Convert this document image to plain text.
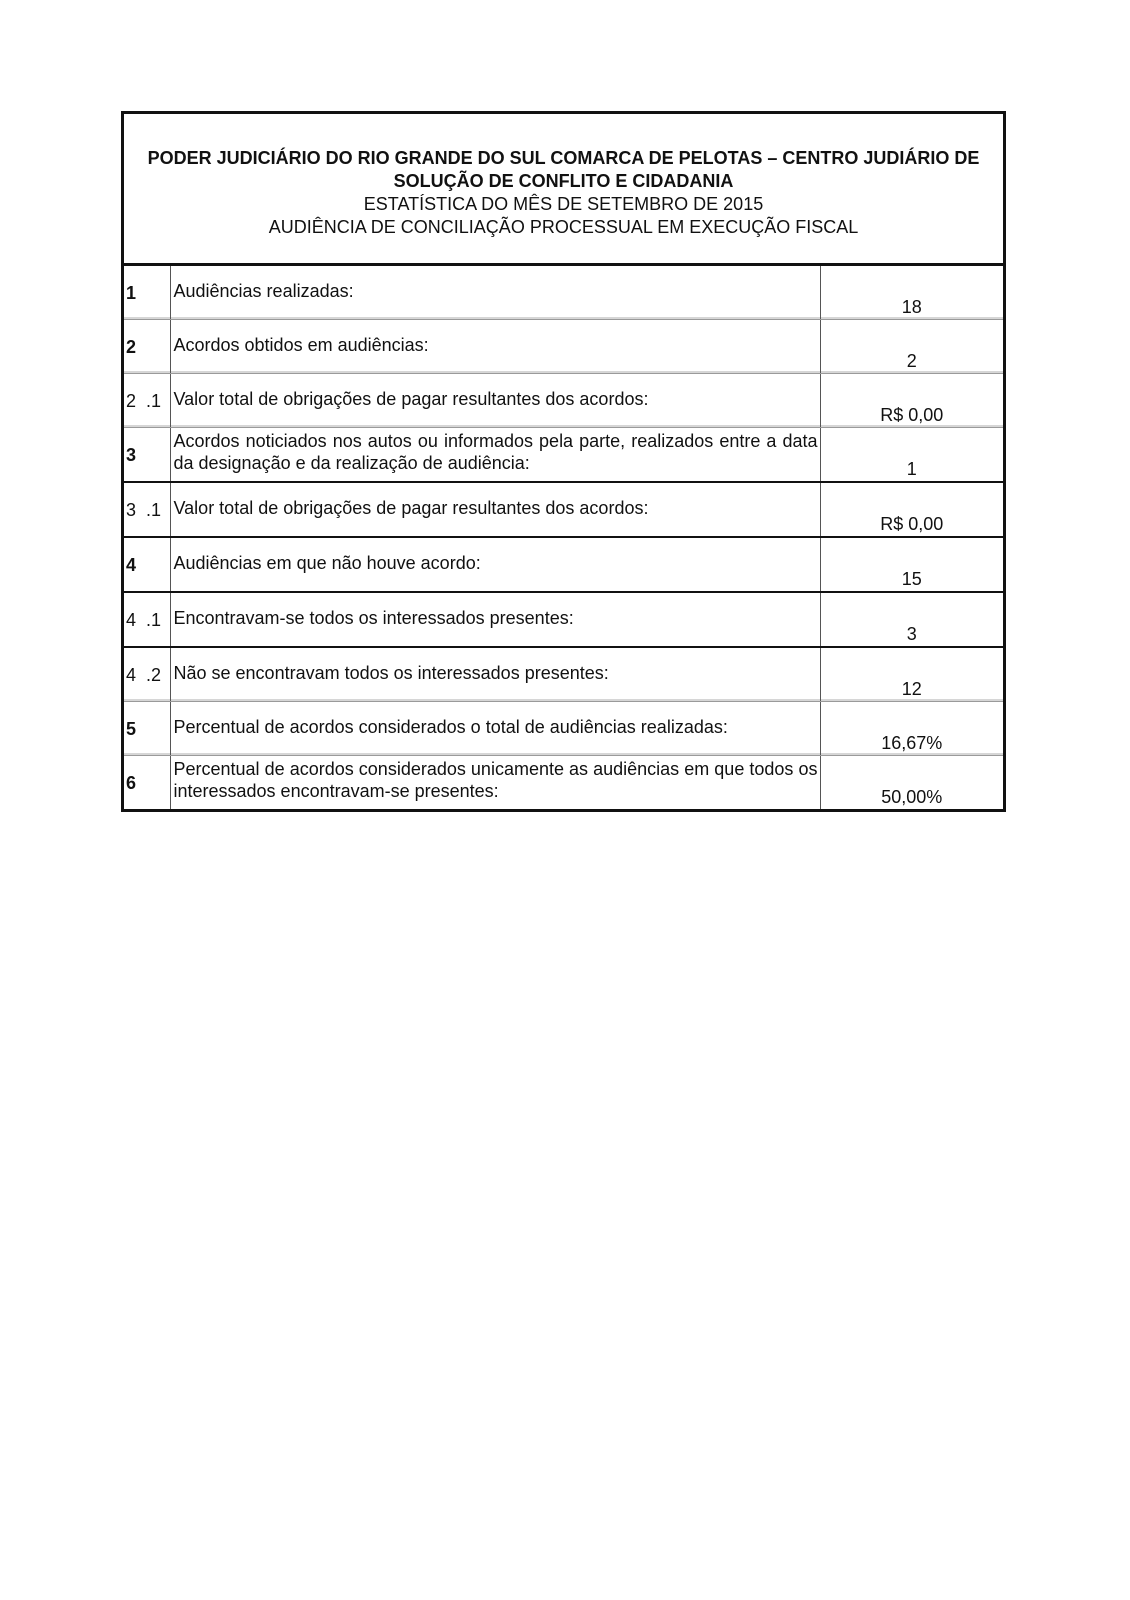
PODER JUDICIÁRIO DO RIO GRANDE DO SUL COMARCA DE PELOTAS – CENTRO JUDIÁRIO DE SOLUÇÃO DE CONFLITO E CIDADANIA
ESTATÍSTICA DO MÊS DE SETEMBRO DE 2015
AUDIÊNCIA DE CONCILIAÇÃO PROCESSUAL EM EXECUÇÃO FISCAL
1	Audiências realizadas:	18
2	Acordos obtidos em audiências:	2
2  .1	Valor total de obrigações de pagar resultantes dos acordos:	R$ 0,00
3	Acordos noticiados nos autos ou informados pela parte, realizados entre a data da designação e da realização de audiência:	1
3  .1	Valor total de obrigações de pagar resultantes dos acordos:	R$ 0,00
4	Audiências em que não houve acordo:	15
4  .1	Encontravam-se todos os interessados presentes:	3
4  .2	Não se encontravam todos os interessados presentes:	12
5	Percentual de acordos considerados o total de audiências realizadas:	16,67%
6	Percentual de acordos considerados unicamente as audiências em que todos os interessados encontravam-se presentes:	50,00%
